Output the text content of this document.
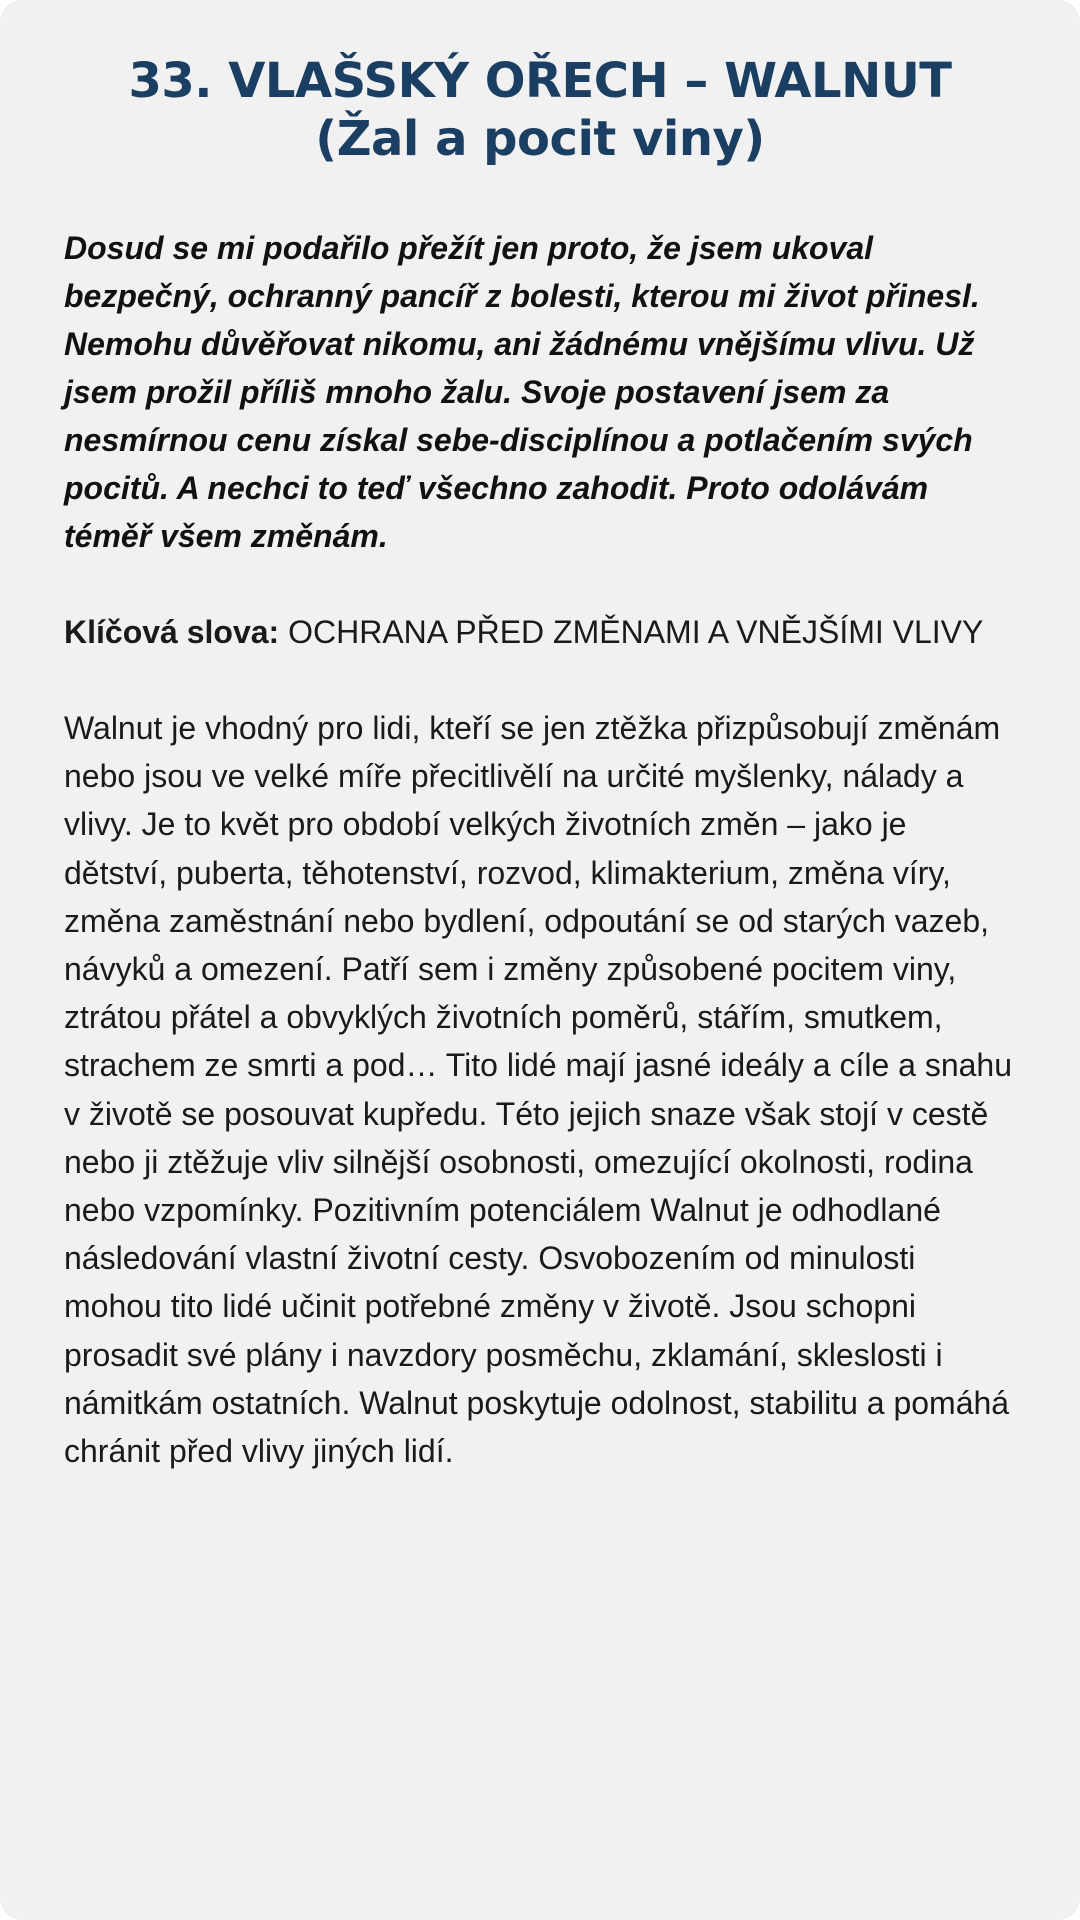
33. VLAŠSKÝ OŘECH – WALNUT
(Žal a pocit viny)

Dosud se mi podařilo přežít jen proto, že jsem ukoval bezpečný, ochranný pancíř z bolesti, kterou mi život přinesl. Nemohu důvěřovat nikomu, ani žádnému vnějšímu vlivu. Už jsem prožil příliš mnoho žalu. Svoje postavení jsem za nesmírnou cenu získal sebe-disciplínou a potlačením svých pocitů. A nechci to teď všechno zahodit. Proto odolávám téměř všem změnám.

Klíčová slova: OCHRANA PŘED ZMĚNAMI A VNĚJŠÍMI VLIVY

Walnut je vhodný pro lidi, kteří se jen ztěžka přizpůsobují změnám nebo jsou ve velké míře přecitlivělí na určité myšlenky, nálady a vlivy. Je to květ pro období velkých životních změn – jako je dětství, puberta, těhotenství, rozvod, klimakterium, změna víry, změna zaměstnání nebo bydlení, odpoutání se od starých vazeb, návyků a omezení. Patří sem i změny způsobené pocitem viny, ztrátou přátel a obvyklých životních poměrů, stářím, smutkem, strachem ze smrti a pod… Tito lidé mají jasné ideály a cíle a snahu v životě se posouvat kupředu. Této jejich snaze však stojí v cestě nebo ji ztěžuje vliv silnější osobnosti, omezující okolnosti, rodina nebo vzpomínky. Pozitivním potenciálem Walnut je odhodlané následování vlastní životní cesty. Osvobozením od minulosti mohou tito lidé učinit potřebné změny v životě. Jsou schopni prosadit své plány i navzdory posměchu, zklamání, skleslosti i námitkám ostatních. Walnut poskytuje odolnost, stabilitu a pomáhá chránit před vlivy jiných lidí.
